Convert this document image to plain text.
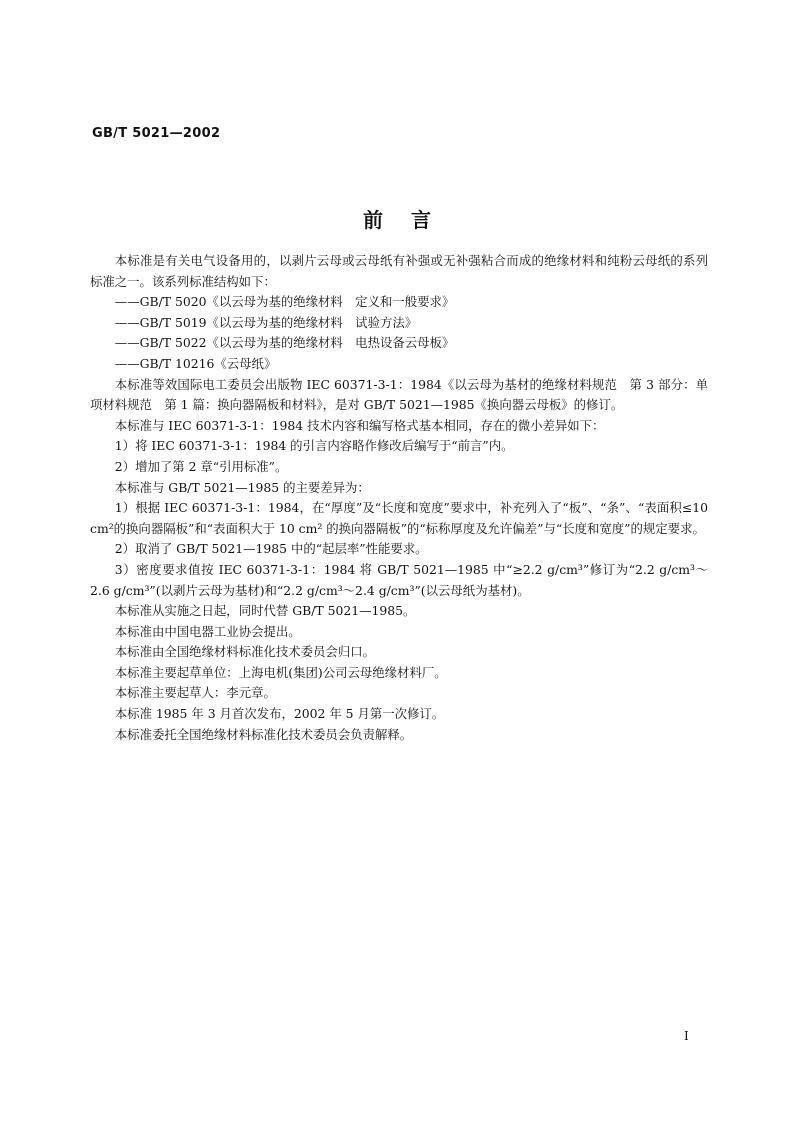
GB/T 5021—2002
前言

本标准是有关电气设备用的，以剥片云母或云母纸有补强或无补强粘合而成的绝缘材料和纯粉云母纸的系列标准之一。该系列标准结构如下：

——GB/T 5020《以云母为基的绝缘材料　定义和一般要求》

——GB/T 5019《以云母为基的绝缘材料　试验方法》

——GB/T 5022《以云母为基的绝缘材料　电热设备云母板》

——GB/T 10216《云母纸》

本标准等效国际电工委员会出版物 IEC 60371-3-1：1984《以云母为基材的绝缘材料规范　第 3 部分：单项材料规范　第 1 篇：换向器隔板和材料》，是对 GB/T 5021—1985《换向器云母板》的修订。

本标准与 IEC 60371-3-1：1984 技术内容和编写格式基本相同，存在的微小差异如下：

1）将 IEC 60371-3-1：1984 的引言内容略作修改后编写于“前言”内。

2）增加了第 2 章“引用标准”。

本标准与 GB/T 5021—1985 的主要差异为：

1）根据 IEC 60371-3-1：1984，在“厚度”及“长度和宽度”要求中，补充列入了“板”、“条”、“表面积≤10 cm²的换向器隔板”和“表面积大于 10 cm² 的换向器隔板”的“标称厚度及允许偏差”与“长度和宽度”的规定要求。

2）取消了 GB/T 5021—1985 中的“起层率”性能要求。

3）密度要求值按 IEC 60371-3-1：1984 将 GB/T 5021—1985 中“≥2.2 g/cm³”修订为“2.2 g/cm³～2.6 g/cm³”(以剥片云母为基材)和“2.2 g/cm³～2.4 g/cm³”(以云母纸为基材)。

本标准从实施之日起，同时代替 GB/T 5021—1985。

本标准由中国电器工业协会提出。

本标准由全国绝缘材料标准化技术委员会归口。

本标准主要起草单位：上海电机(集团)公司云母绝缘材料厂。

本标准主要起草人：李元章。

本标准 1985 年 3 月首次发布，2002 年 5 月第一次修订。

本标准委托全国绝缘材料标准化技术委员会负责解释。

I
